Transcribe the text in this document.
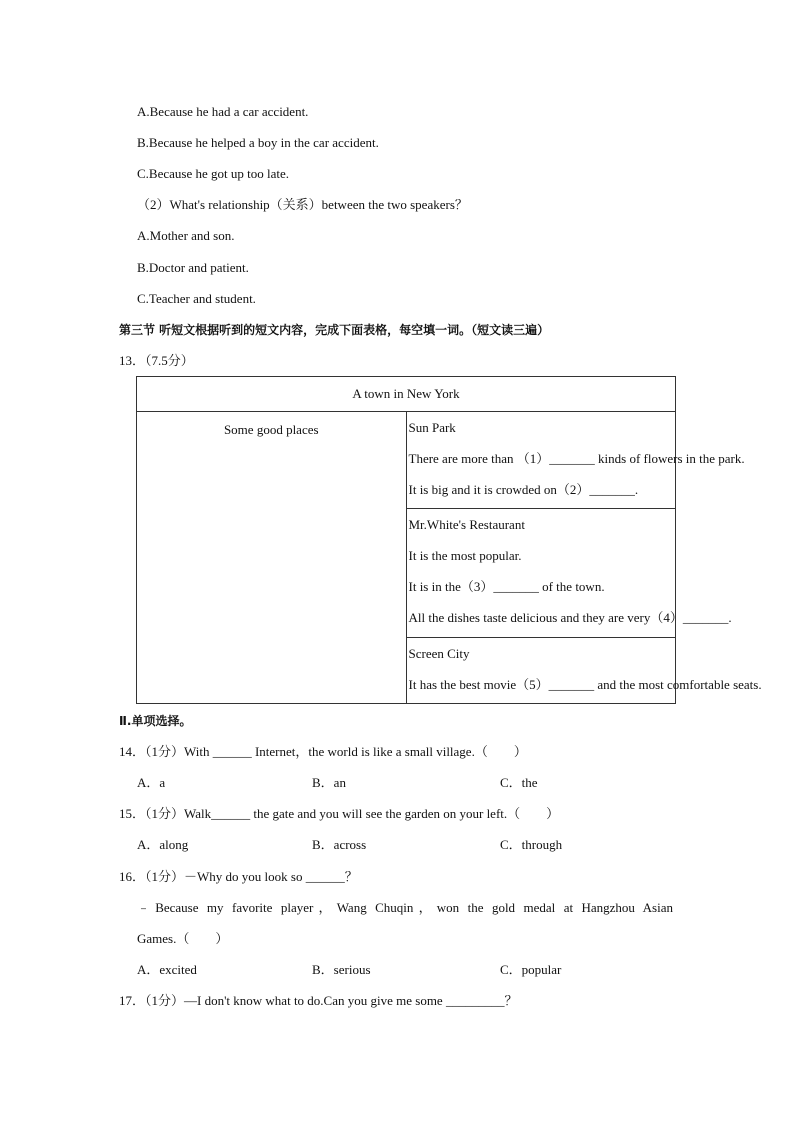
A.Because he had a car accident.
B.Because he helped a boy in the car accident.
C.Because he got up too late.
（2）What's relationship（关系）between the two speakers？
A.Mother and son.
B.Doctor and patient.
C.Teacher and student.
第三节 听短文根据听到的短文内容，完成下面表格，每空填一词。（短文读三遍）
13．（7.5分）
A town in New York
Some good places	Sun Park
There are more than （1）_______ kinds of flowers in the park.
It is big and it is crowded on（2）_______.

Mr.White's Restaurant
It is the most popular.
It is in the（3）_______ of the town.
All the dishes taste delicious and they are very（4）_______.

Screen City
It has the best movie（5）_______ and the most comfortable seats.
Ⅱ.单项选择。
14．（1分）With ______ Internet，the world is like a small village.（　　）
A．a	B．an	C．the
15．（1分）Walk______ the gate and you will see the garden on your left.（　　）
A．along	B．across	C．through
16．（1分）－Why do you look so ______？
﹣Because my favorite player，Wang Chuqin，won the gold medal at Hangzhou Asian
Games.（　　）
A．excited	B．serious	C．popular
17．（1分）—I don't know what to do.Can you give me some _________？
